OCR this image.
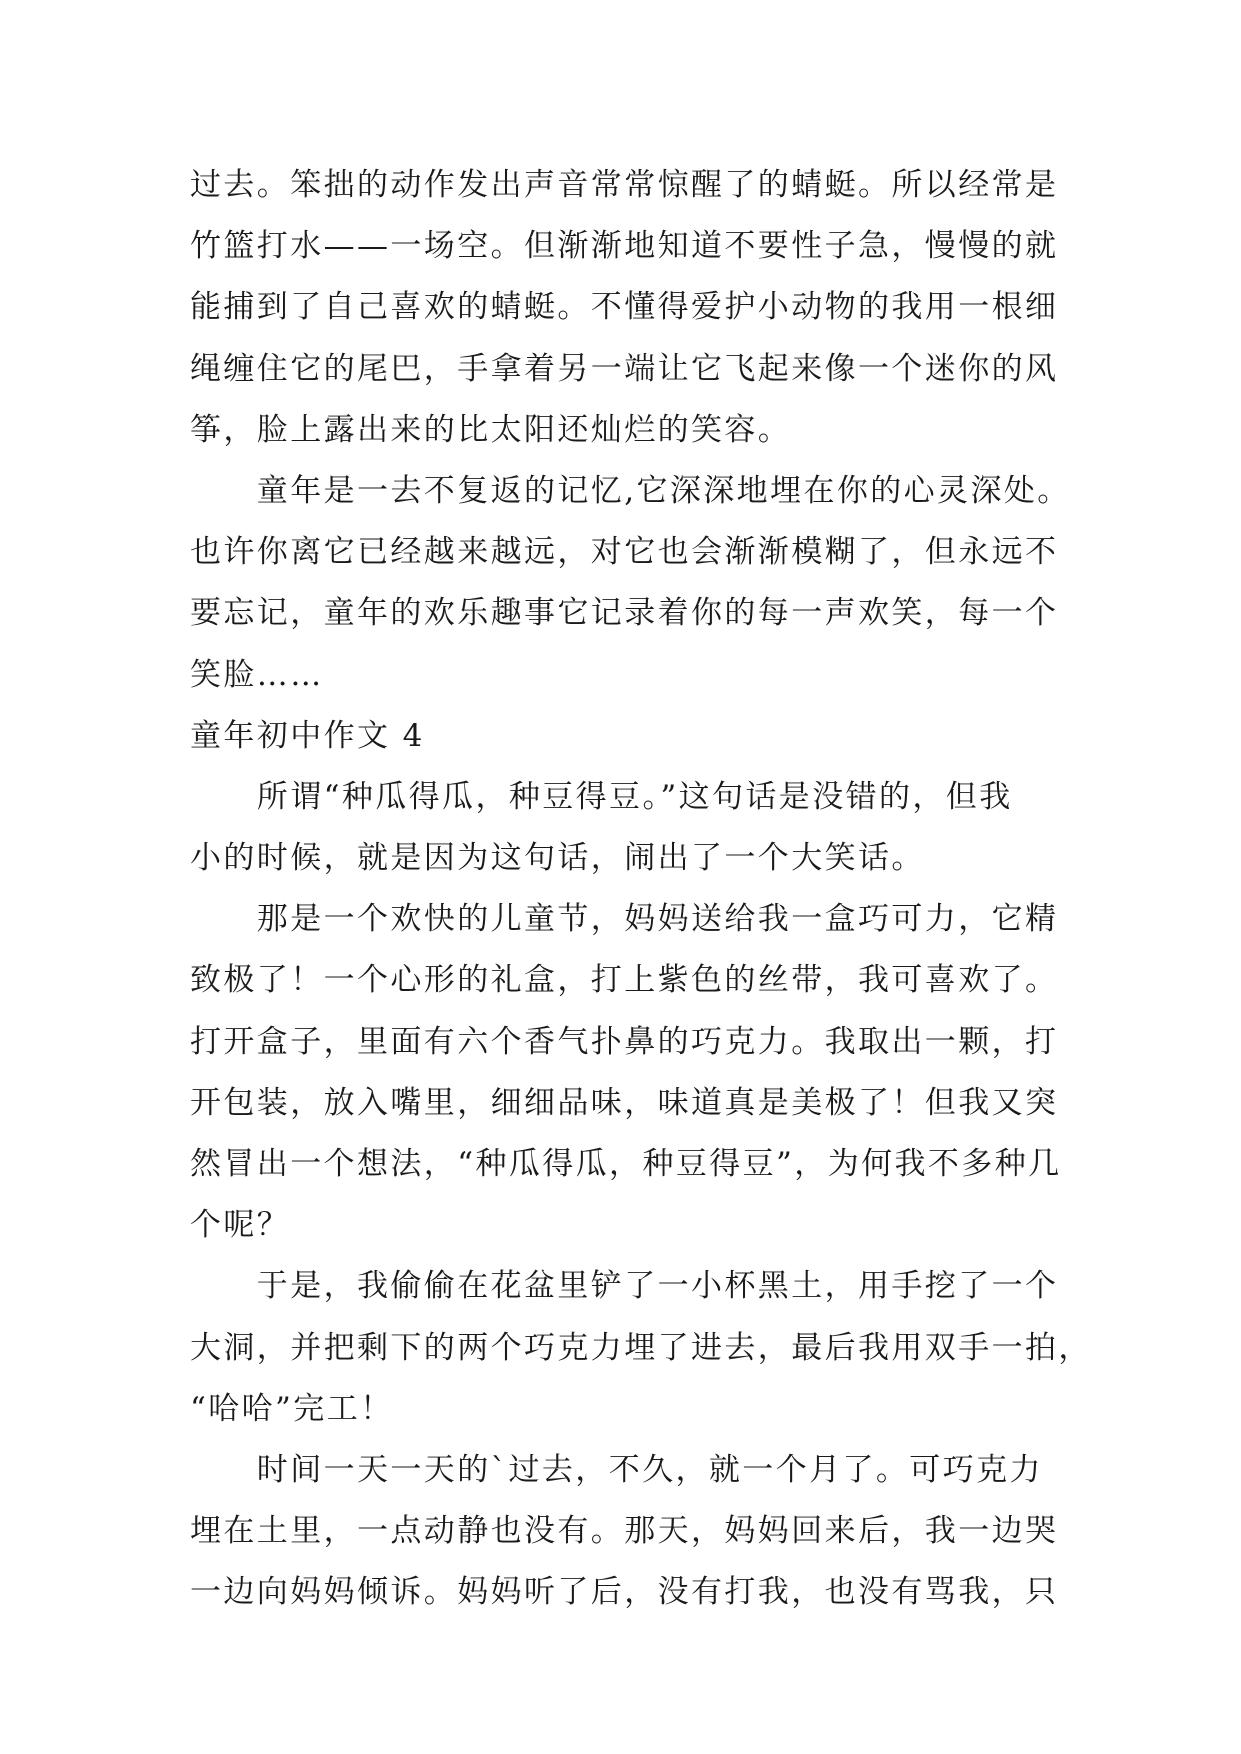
过去。笨拙的动作发出声音常常惊醒了的蜻蜓。所以经常是
竹篮打水——一场空。但渐渐地知道不要性子急，慢慢的就
能捕到了自己喜欢的蜻蜓。不懂得爱护小动物的我用一根细
绳缠住它的尾巴，手拿着另一端让它飞起来像一个迷你的风
筝，脸上露出来的比太阳还灿烂的笑容。
　　童年是一去不复返的记忆,它深深地埋在你的心灵深处。
也许你离它已经越来越远，对它也会渐渐模糊了，但永远不
要忘记，童年的欢乐趣事它记录着你的每一声欢笑，每一个
笑脸……
童年初中作文 4
　　所谓“种瓜得瓜，种豆得豆。”这句话是没错的，但我
小的时候，就是因为这句话，闹出了一个大笑话。
　　那是一个欢快的儿童节，妈妈送给我一盒巧可力，它精
致极了！一个心形的礼盒，打上紫色的丝带，我可喜欢了。
打开盒子，里面有六个香气扑鼻的巧克力。我取出一颗，打
开包装，放入嘴里，细细品味，味道真是美极了！但我又突
然冒出一个想法，“种瓜得瓜，种豆得豆”，为何我不多种几
个呢？
　　于是，我偷偷在花盆里铲了一小杯黑土，用手挖了一个
大洞，并把剩下的两个巧克力埋了进去，最后我用双手一拍，
“哈哈”完工！
　　时间一天一天的`过去，不久，就一个月了。可巧克力
埋在土里，一点动静也没有。那天，妈妈回来后，我一边哭
一边向妈妈倾诉。妈妈听了后，没有打我，也没有骂我，只
